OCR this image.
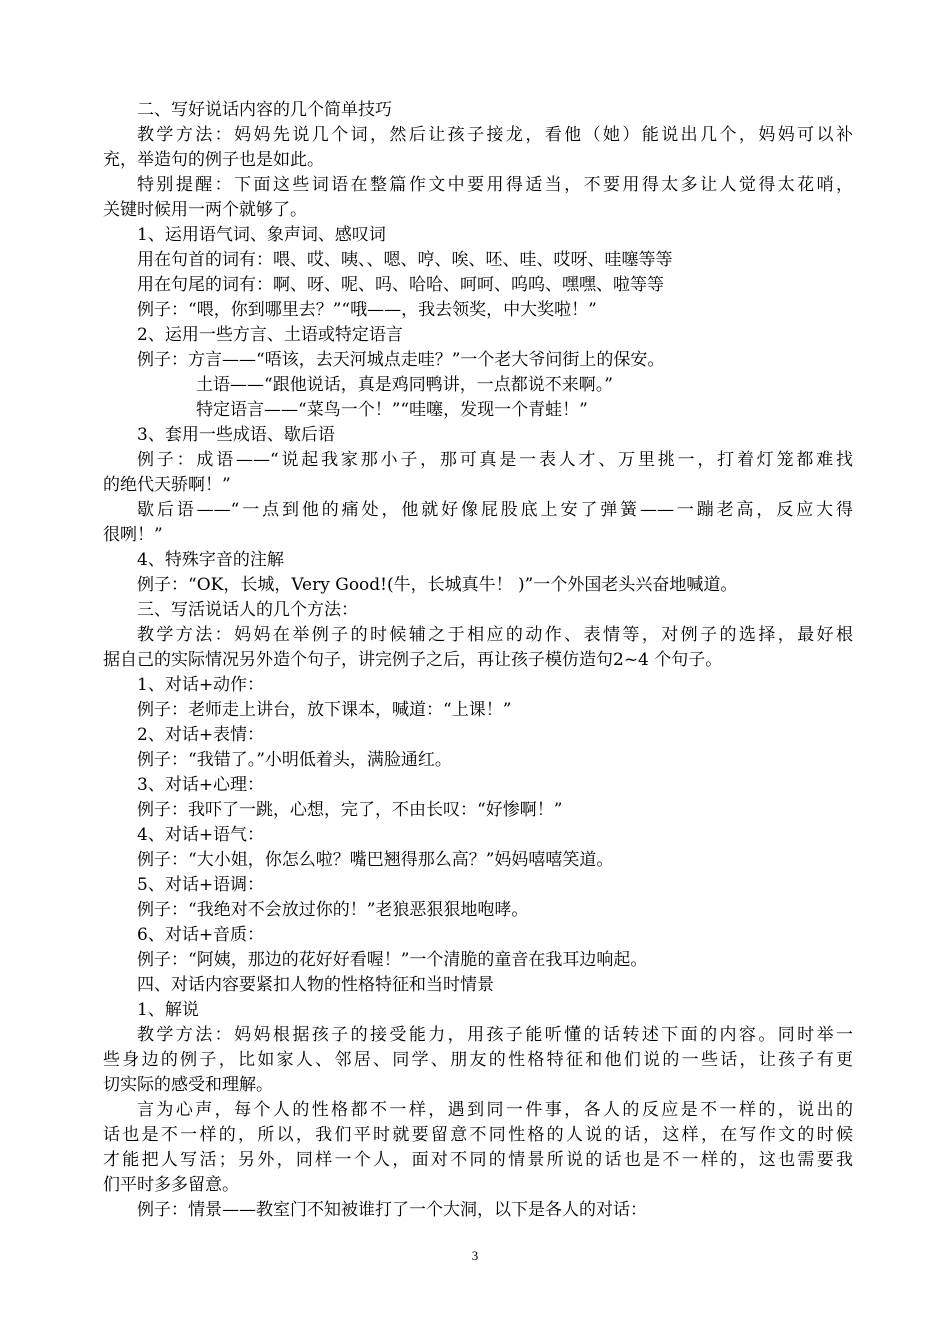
二、写好说话内容的几个简单技巧
教学方法：妈妈先说几个词，然后让孩子接龙，看他（她）能说出几个，妈妈可以补
充，举造句的例子也是如此。
特别提醒：下面这些词语在整篇作文中要用得适当，不要用得太多让人觉得太花哨，
关键时候用一两个就够了。
1、运用语气词、象声词、感叹词
用在句首的词有：喂、哎、咦、、嗯、哼、唉、呸、哇、哎呀、哇噻等等
用在句尾的词有：啊、呀、呢、吗、哈哈、呵呵、呜呜、嘿嘿、啦等等
例子：“喂，你到哪里去？”“哦——，我去领奖，中大奖啦！”
2、运用一些方言、土语或特定语言
例子：方言——“唔该，去天河城点走哇？”一个老大爷问街上的保安。
土语——“跟他说话，真是鸡同鸭讲，一点都说不来啊。”
特定语言——“菜鸟一个！”“哇噻，发现一个青蛙！”
3、套用一些成语、歇后语
例子：成语——“说起我家那小子，那可真是一表人才、万里挑一，打着灯笼都难找
的绝代天骄啊！”
歇后语——“一点到他的痛处，他就好像屁股底上安了弹簧——一蹦老高，反应大得
很咧！”
4、特殊字音的注解
例子：“OK，长城，Very Good!(牛，长城真牛！ )”一个外国老头兴奋地喊道。
三、写活说话人的几个方法：
教学方法：妈妈在举例子的时候辅之于相应的动作、表情等，对例子的选择，最好根
据自己的实际情况另外造个句子，讲完例子之后，再让孩子模仿造句2~4 个句子。
1、对话+动作：
例子：老师走上讲台，放下课本，喊道：“上课！”
2、对话+表情：
例子：“我错了。”小明低着头，满脸通红。
3、对话+心理：
例子：我吓了一跳，心想，完了，不由长叹：“好惨啊！”
4、对话+语气：
例子：“大小姐，你怎么啦？嘴巴翘得那么高？”妈妈嘻嘻笑道。
5、对话+语调：
例子：“我绝对不会放过你的！”老狼恶狠狠地咆哮。
6、对话+音质：
例子：“阿姨，那边的花好好看喔！”一个清脆的童音在我耳边响起。
四、对话内容要紧扣人物的性格特征和当时情景
1、解说
教学方法：妈妈根据孩子的接受能力，用孩子能听懂的话转述下面的内容。同时举一
些身边的例子，比如家人、邻居、同学、朋友的性格特征和他们说的一些话，让孩子有更
切实际的感受和理解。
言为心声，每个人的性格都不一样，遇到同一件事，各人的反应是不一样的，说出的
话也是不一样的，所以，我们平时就要留意不同性格的人说的话，这样，在写作文的时候
才能把人写活；另外，同样一个人，面对不同的情景所说的话也是不一样的，这也需要我
们平时多多留意。
例子：情景——教室门不知被谁打了一个大洞，以下是各人的对话：
3
